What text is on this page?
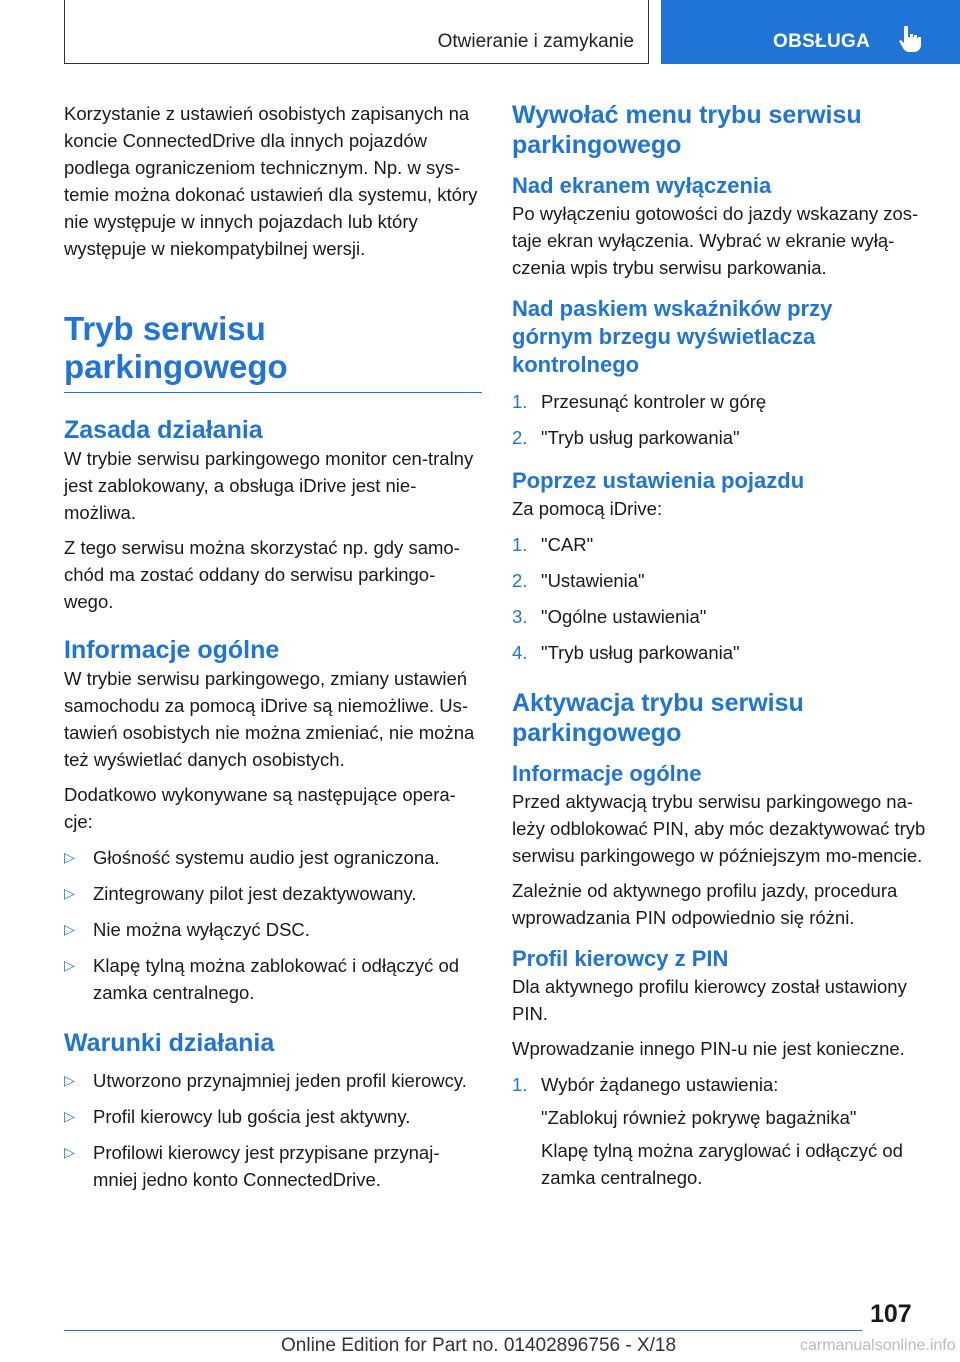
Otwieranie i zamykanie	OBSŁUGA

Korzystanie z ustawień osobistych zapisanych na koncie ConnectedDrive dla innych pojazdów podlega ograniczeniom technicznym. Np. w sys-temie można dokonać ustawień dla systemu, który nie występuje w innych pojazdach lub który występuje w niekompatybilnej wersji.

Tryb serwisu
parkingowego
Zasada działania

W trybie serwisu parkingowego monitor cen-tralny jest zablokowany, a obsługa iDrive jest nie-możliwa.

Z tego serwisu można skorzystać np. gdy samo-chód ma zostać oddany do serwisu parkingo-wego.

Informacje ogólne

W trybie serwisu parkingowego, zmiany ustawień samochodu za pomocą iDrive są niemożliwe. Us-tawień osobistych nie można zmieniać, nie można też wyświetlać danych osobistych.

Dodatkowo wykonywane są następujące opera-cje:

▷ Głośność systemu audio jest ograniczona.
▷ Zintegrowany pilot jest dezaktywowany.
▷ Nie można wyłączyć DSC.
▷ Klapę tylną można zablokować i odłączyć od zamka centralnego.
Warunki działania
▷ Utworzono przynajmniej jeden profil kierowcy.
▷ Profil kierowcy lub gościa jest aktywny.
▷ Profilowi kierowcy jest przypisane przynaj-mniej jedno konto ConnectedDrive.
Wywołać menu trybu serwisu
parkingowego
Nad ekranem wyłączenia

Po wyłączeniu gotowości do jazdy wskazany zos-taje ekran wyłączenia. Wybrać w ekranie wyłą-czenia wpis trybu serwisu parkowania.

Nad paskiem wskaźników przy
górnym brzegu wyświetlacza
kontrolnego
1. Przesunąć kontroler w górę
2. "Tryb usług parkowania"
Poprzez ustawienia pojazdu

Za pomocą iDrive:

1. "CAR"
2. "Ustawienia"
3. "Ogólne ustawienia"
4. "Tryb usług parkowania"
Aktywacja trybu serwisu
parkingowego
Informacje ogólne

Przed aktywacją trybu serwisu parkingowego na-leży odblokować PIN, aby móc dezaktywować tryb serwisu parkingowego w późniejszym mo-mencie.

Zależnie od aktywnego profilu jazdy, procedura wprowadzania PIN odpowiednio się różni.

Profil kierowcy z PIN

Dla aktywnego profilu kierowcy został ustawiony PIN.

Wprowadzanie innego PIN-u nie jest konieczne.

1. Wybór żądanego ustawienia:
"Zablokuj również pokrywę bagażnika"
Klapę tylną można zaryglować i odłączyć od zamka centralnego.
107
Online Edition for Part no. 01402896756 - X/18	carmanualsonline.info
